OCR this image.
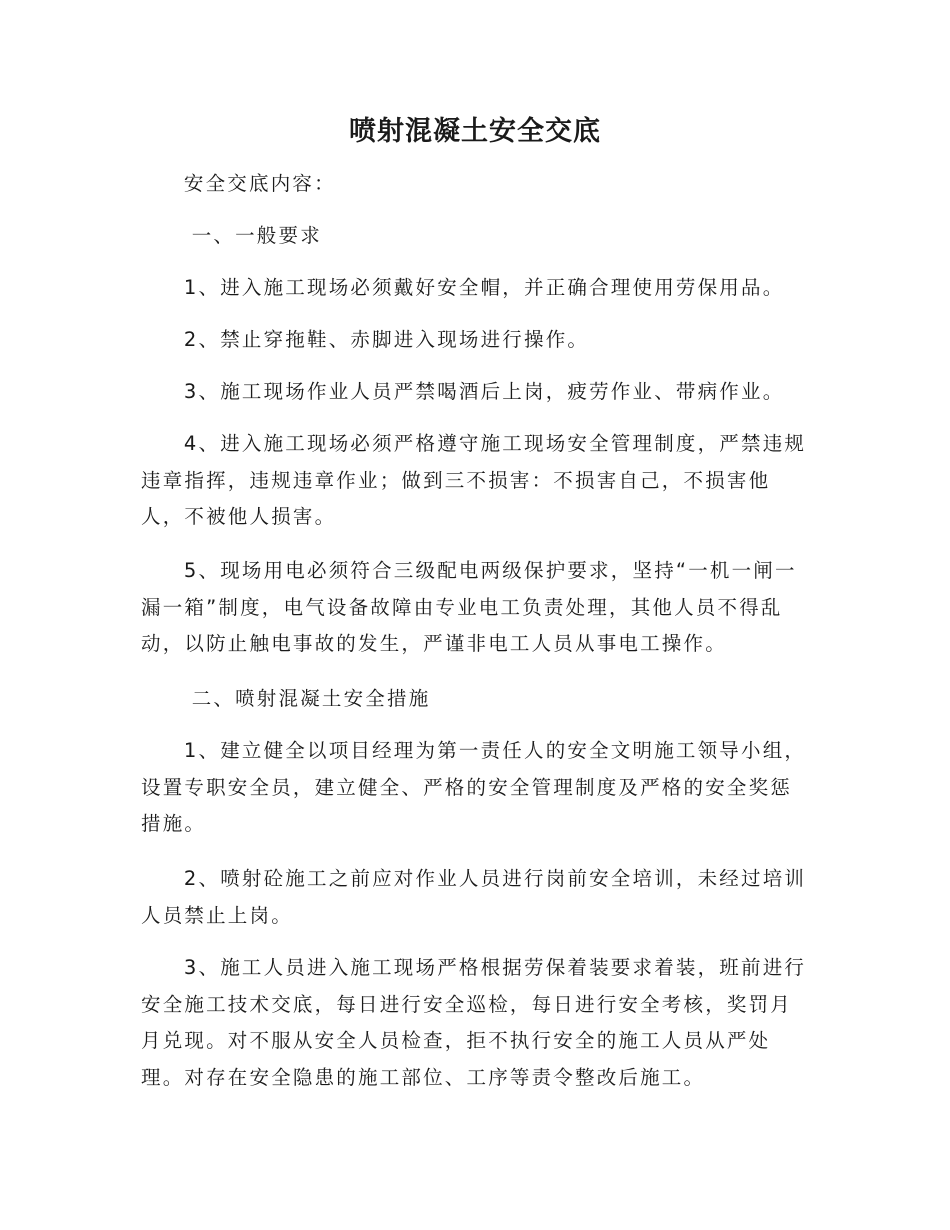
喷射混凝土安全交底
安全交底内容：
一、一般要求
1、进入施工现场必须戴好安全帽，并正确合理使用劳保用品。
2、禁止穿拖鞋、赤脚进入现场进行操作。
3、施工现场作业人员严禁喝酒后上岗，疲劳作业、带病作业。
4、进入施工现场必须严格遵守施工现场安全管理制度，严禁违规违章指挥，违规违章作业；做到三不损害：不损害自己，不损害他人，不被他人损害。
5、现场用电必须符合三级配电两级保护要求，坚持“一机一闸一漏一箱”制度，电气设备故障由专业电工负责处理，其他人员不得乱动，以防止触电事故的发生，严谨非电工人员从事电工操作。
二、喷射混凝土安全措施
1、建立健全以项目经理为第一责任人的安全文明施工领导小组，设置专职安全员，建立健全、严格的安全管理制度及严格的安全奖惩措施。
2、喷射砼施工之前应对作业人员进行岗前安全培训，未经过培训人员禁止上岗。
3、施工人员进入施工现场严格根据劳保着装要求着装，班前进行安全施工技术交底，每日进行安全巡检，每日进行安全考核，奖罚月月兑现。对不服从安全人员检查，拒不执行安全的施工人员从严处理。对存在安全隐患的施工部位、工序等责令整改后施工。
